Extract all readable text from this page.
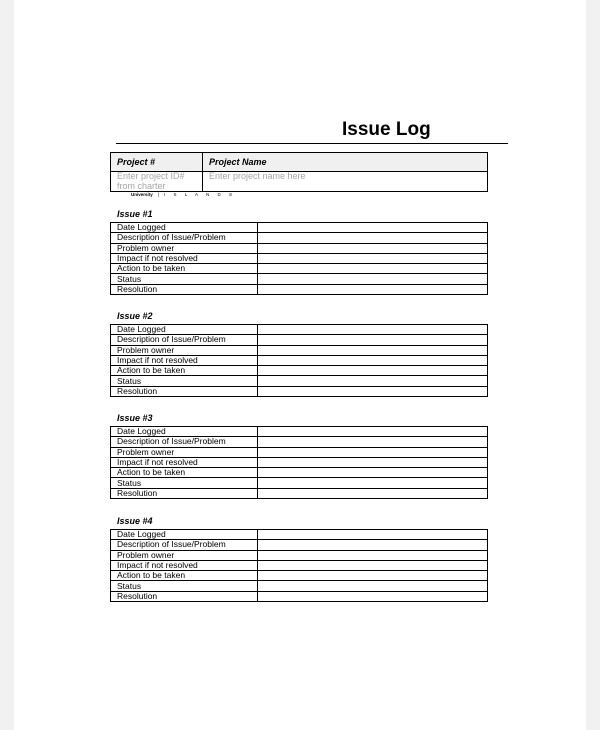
Issue Log
Project #	Project Name
Enter project ID# from charter	Enter project name here
University | I S L A N D S
Issue #1
Date Logged	
Description of Issue/Problem	
Problem owner	
Impact if not resolved	
Action to be taken	
Status	
Resolution	
Issue #2
Date Logged	
Description of Issue/Problem	
Problem owner	
Impact if not resolved	
Action to be taken	
Status	
Resolution	
Issue #3
Date Logged	
Description of Issue/Problem	
Problem owner	
Impact if not resolved	
Action to be taken	
Status	
Resolution	
Issue #4
Date Logged	
Description of Issue/Problem	
Problem owner	
Impact if not resolved	
Action to be taken	
Status	
Resolution	
